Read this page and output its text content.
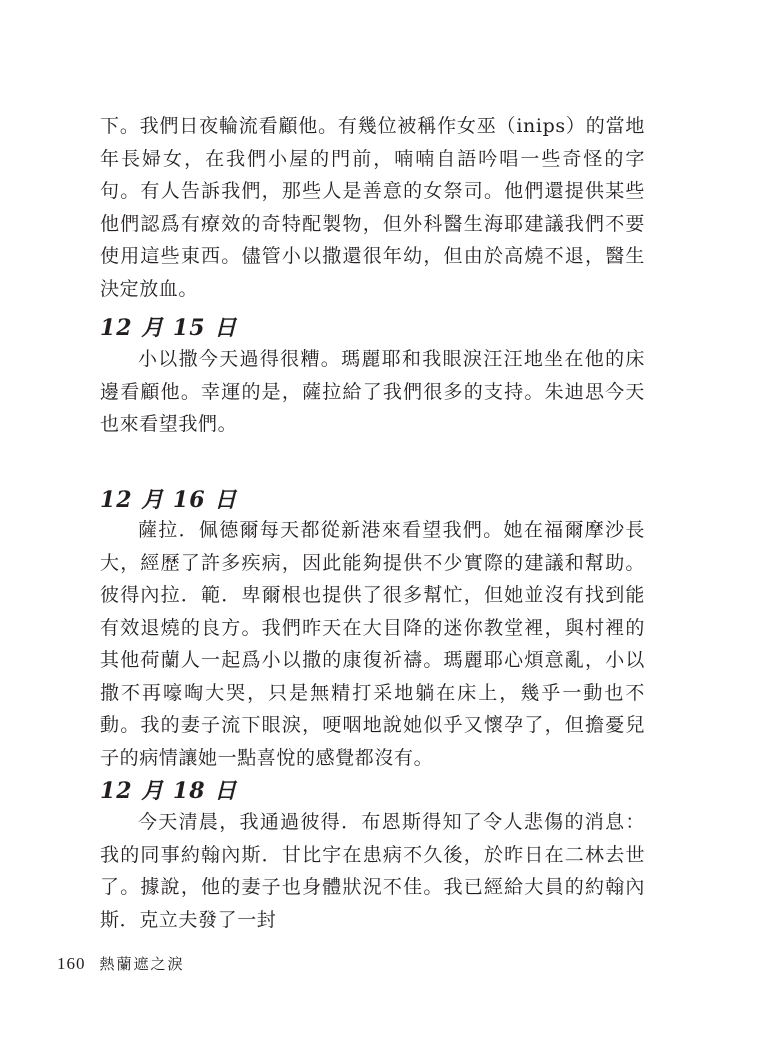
下。我們日夜輪流看顧他。有幾位被稱作女巫（inips）的當地年長婦女，在我們小屋的門前，喃喃自語吟唱一些奇怪的字句。有人告訴我們，那些人是善意的女祭司。他們還提供某些他們認爲有療效的奇特配製物，但外科醫生海耶建議我們不要使用這些東西。儘管小以撒還很年幼，但由於高燒不退，醫生決定放血。

12 月 15 日

小以撒今天過得很糟。瑪麗耶和我眼淚汪汪地坐在他的床邊看顧他。幸運的是，薩拉給了我們很多的支持。朱迪思今天也來看望我們。

12 月 16 日

薩拉．佩德爾每天都從新港來看望我們。她在福爾摩沙長大，經歷了許多疾病，因此能夠提供不少實際的建議和幫助。彼得內拉．範．卑爾根也提供了很多幫忙，但她並沒有找到能有效退燒的良方。我們昨天在大目降的迷你教堂裡，與村裡的其他荷蘭人一起爲小以撒的康復祈禱。瑪麗耶心煩意亂，小以撒不再嚎啕大哭，只是無精打采地躺在床上，幾乎一動也不動。我的妻子流下眼淚，哽咽地說她似乎又懷孕了，但擔憂兒子的病情讓她一點喜悅的感覺都沒有。

12 月 18 日

今天清晨，我通過彼得．布恩斯得知了令人悲傷的消息：我的同事約翰內斯．甘比宇在患病不久後，於昨日在二林去世了。據說，他的妻子也身體狀況不佳。我已經給大員的約翰內斯．克立夫發了一封

160 熱蘭遮之淚
